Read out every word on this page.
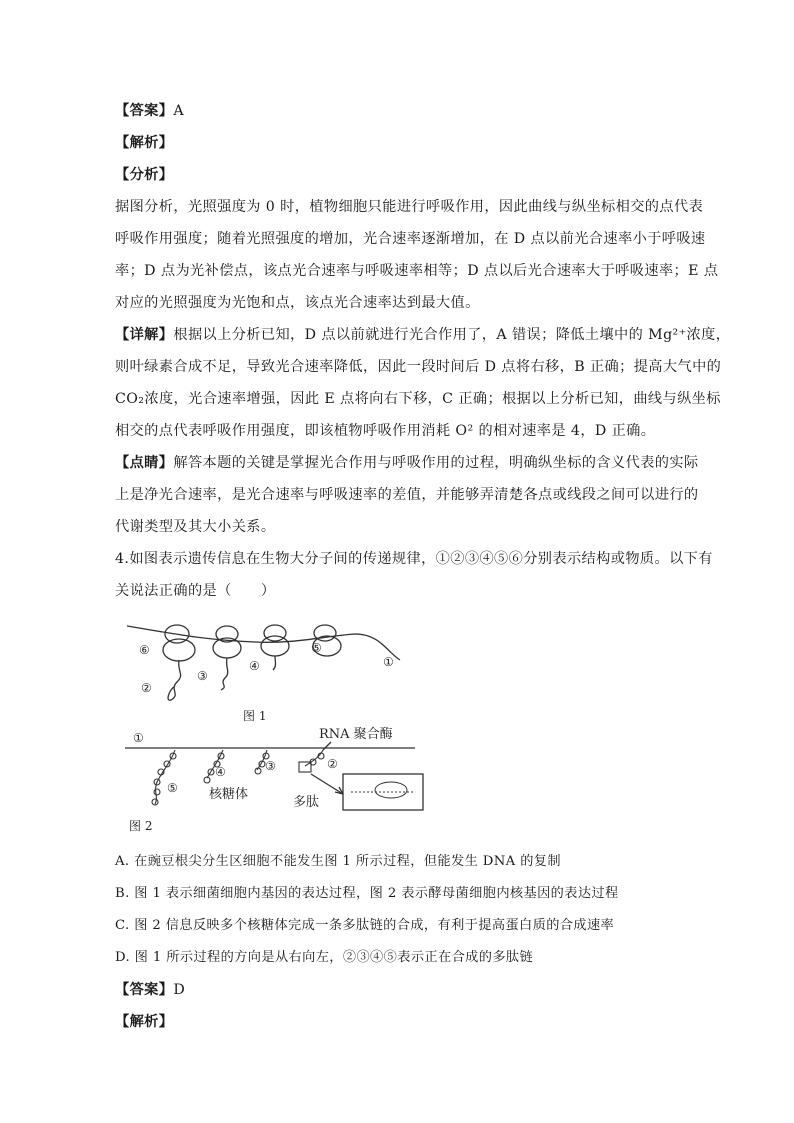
【答案】A
【解析】
【分析】
据图分析，光照强度为 0 时，植物细胞只能进行呼吸作用，因此曲线与纵坐标相交的点代表
呼吸作用强度；随着光照强度的增加，光合速率逐渐增加，在 D 点以前光合速率小于呼吸速
率；D 点为光补偿点，该点光合速率与呼吸速率相等；D 点以后光合速率大于呼吸速率；E 点
对应的光照强度为光饱和点，该点光合速率达到最大值。
【详解】根据以上分析已知，D 点以前就进行光合作用了，A 错误；降低土壤中的 Mg²⁺浓度，
则叶绿素合成不足，导致光合速率降低，因此一段时间后 D 点将右移，B 正确；提高大气中的
CO₂浓度，光合速率增强，因此 E 点将向右下移，C 正确；根据以上分析已知，曲线与纵坐标
相交的点代表呼吸作用强度，即该植物呼吸作用消耗 O² 的相对速率是 4，D 正确。
【点睛】解答本题的关键是掌握光合作用与呼吸作用的过程，明确纵坐标的含义代表的实际
上是净光合速率，是光合速率与呼吸速率的差值，并能够弄清楚各点或线段之间可以进行的
代谢类型及其大小关系。
4.如图表示遗传信息在生物大分子间的传递规律，①②③④⑤⑥分别表示结构或物质。以下有
关说法正确的是（　　）
⑥
②
③
④
⑤
①
图 1
①	RNA 聚合酶
⑤
④	③	②
核糖体
多肽
图 2
A. 在豌豆根尖分生区细胞不能发生图 1 所示过程，但能发生 DNA 的复制
B. 图 1 表示细菌细胞内基因的表达过程，图 2 表示酵母菌细胞内核基因的表达过程
C. 图 2 信息反映多个核糖体完成一条多肽链的合成，有利于提高蛋白质的合成速率
D. 图 1 所示过程的方向是从右向左，②③④⑤表示正在合成的多肽链
【答案】D
【解析】
